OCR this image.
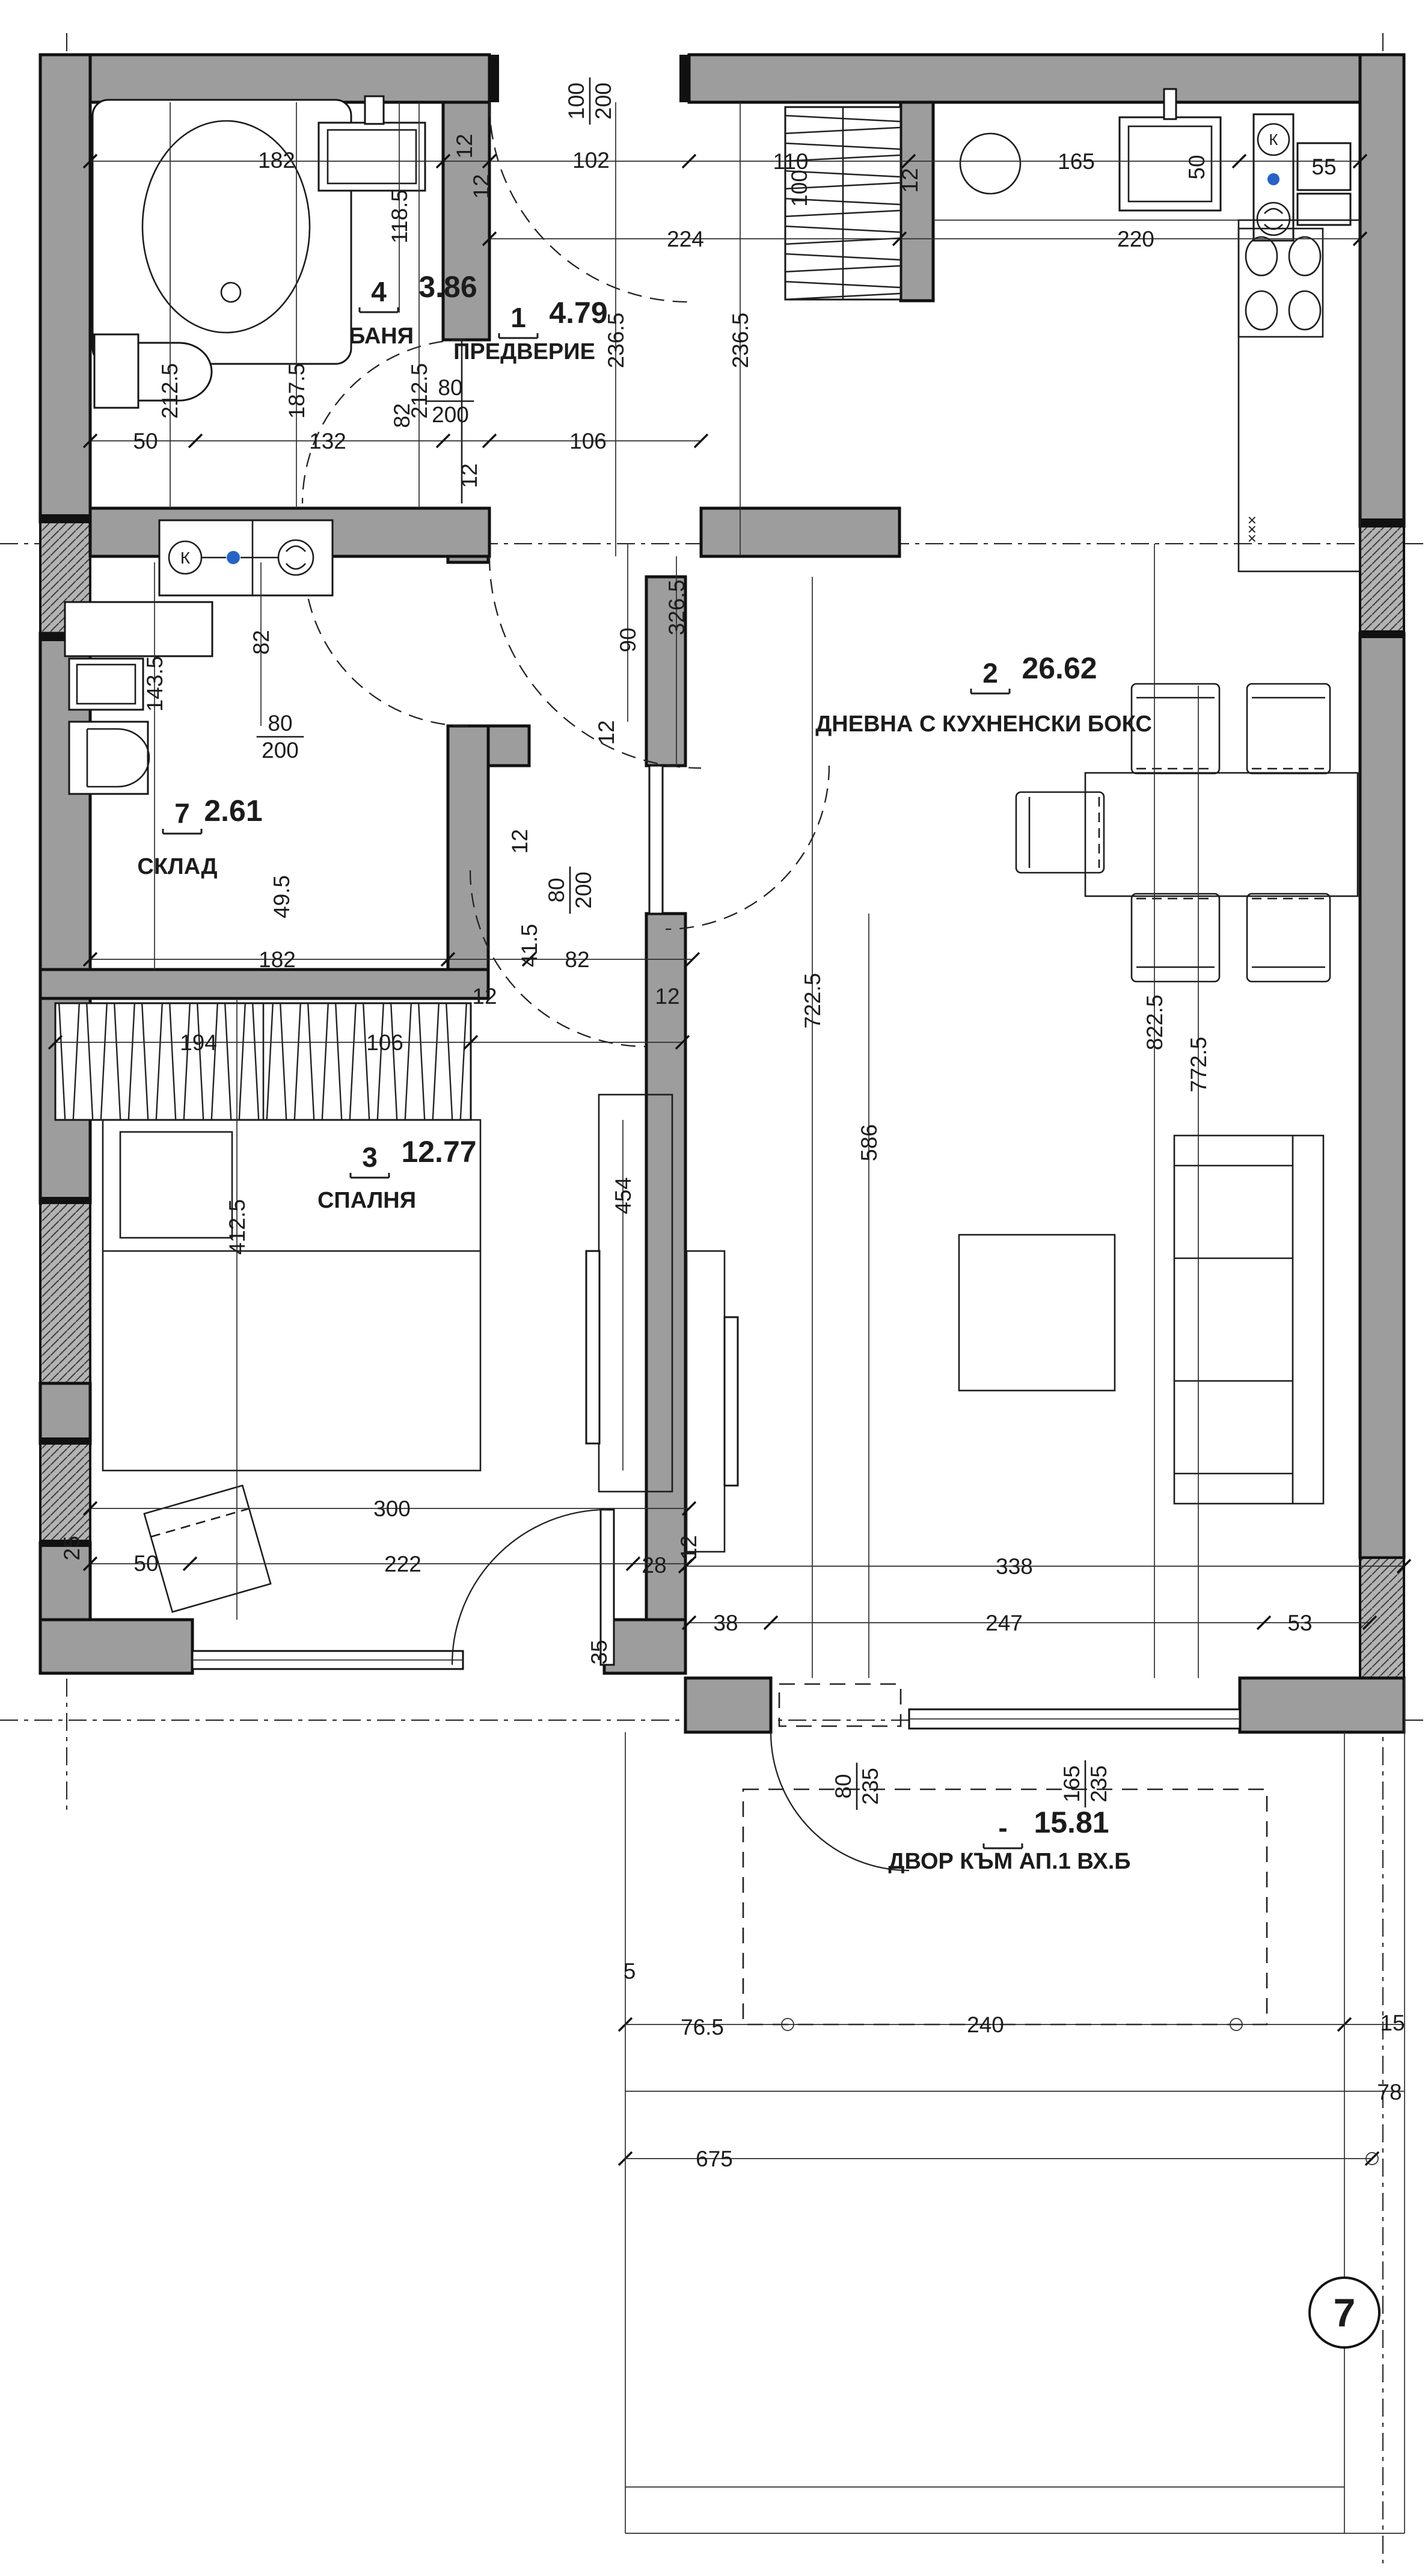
7
182	102	110	165
224	220
12
12	100	12
50	55
100 200
118.5
212.5	187.5	212.5
236.5	236.5
80
200
82
50	132	106
12
326.5
90
143.5
82
80
200
49.5
12
80 200
12
41.5
182	82
12	12
194	106
412.5
454
586
722.5	822.5
772.5
×××
300
25
50	222	28
12
35
338
38	247	53
80 235	165 235
76.5	240	15
78
675
5
К
К
4 3.86
БАНЯ
1 4.79
ПРЕДВЕРИЕ
2 26.62
ДНЕВНА С КУХНЕНСКИ БОКС
7 2.61
СКЛАД
3 12.77
СПАЛНЯ
- 15.81
ДВОР КЪМ АП.1 ВХ.Б
